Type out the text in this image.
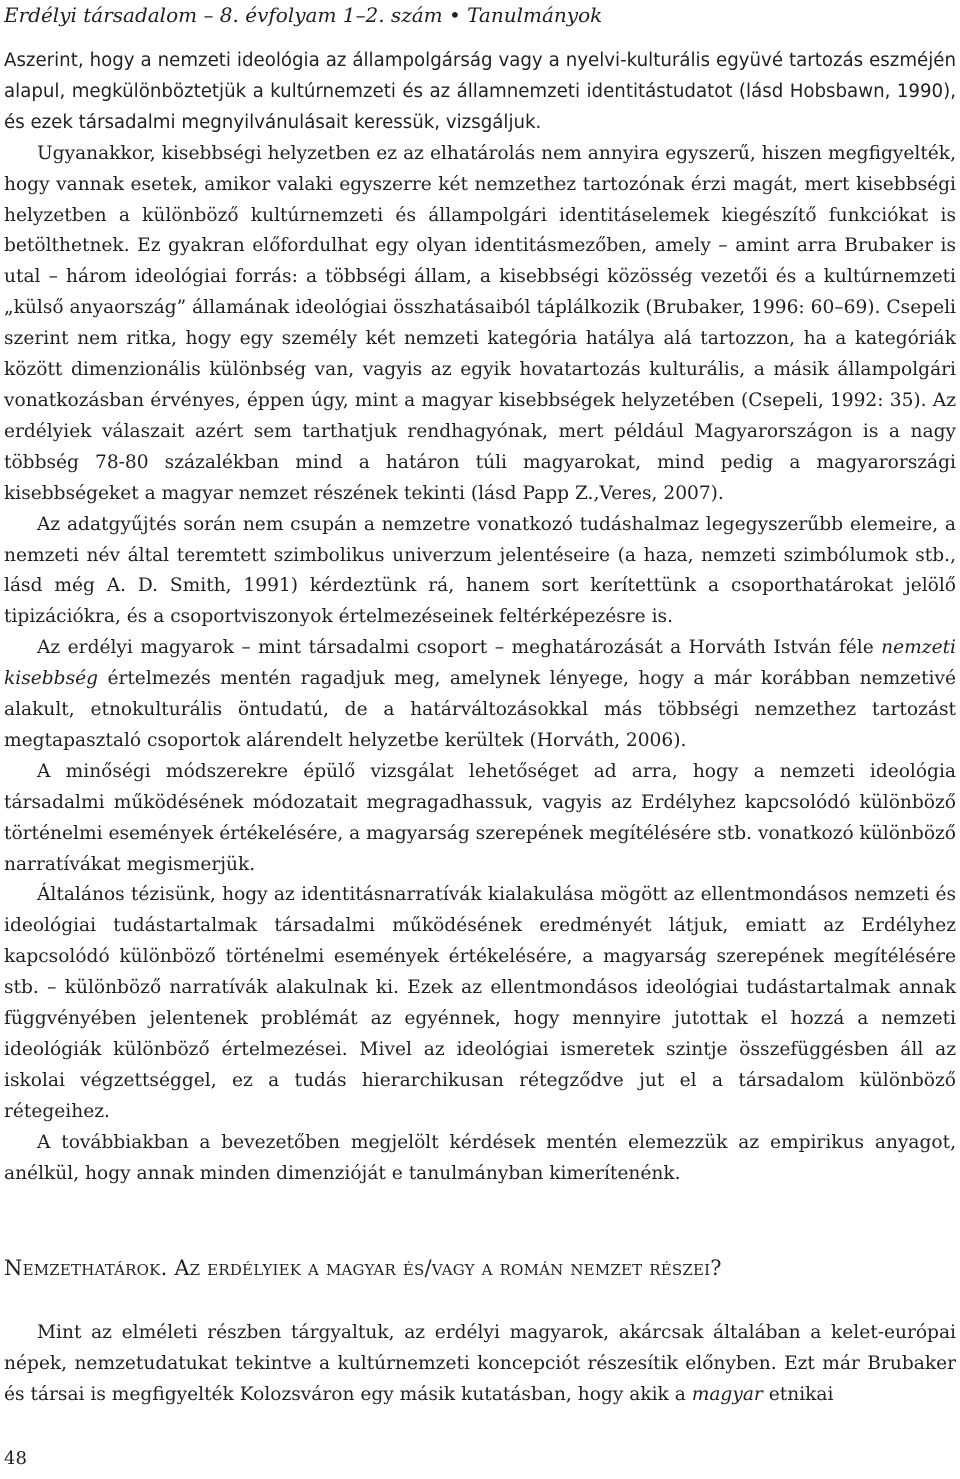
Erdélyi társadalom – 8. évfolyam 1–2. szám • Tanulmányok

Aszerint, hogy a nemzeti ideológia az állampolgárság vagy a nyelvi-kulturális együvé tartozás eszméjén alapul, megkülönböztetjük a kultúrnemzeti és az államnemzeti identitástudatot (lásd Hobsbawn, 1990), és ezek társadalmi megnyilvánulásait keressük, vizsgáljuk.

Ugyanakkor, kisebbségi helyzetben ez az elhatárolás nem annyira egyszerű, hiszen megfigyelték, hogy vannak esetek, amikor valaki egyszerre két nemzethez tartozónak érzi magát, mert kisebbségi helyzetben a különböző kultúrnemzeti és állampolgári identitáselemek kiegészítő funkciókat is betölthetnek. Ez gyakran előfordulhat egy olyan identitásmezőben, amely – amint arra Brubaker is utal – három ideológiai forrás: a többségi állam, a kisebbségi közösség vezetői és a kultúrnemzeti „külső anyaország” államának ideológiai összhatásaiból táplálkozik (Brubaker, 1996: 60–69). Csepeli szerint nem ritka, hogy egy személy két nemzeti kategória hatálya alá tartozzon, ha a kategóriák között dimenzionális különbség van, vagyis az egyik hovatartozás kulturális, a másik állampolgári vonatkozásban érvényes, éppen úgy, mint a magyar kisebbségek helyzetében (Csepeli, 1992: 35). Az erdélyiek válaszait azért sem tarthatjuk rendhagyónak, mert például Magyarországon is a nagy többség 78-80 százalékban mind a határon túli magyarokat, mind pedig a magyarországi kisebbségeket a magyar nemzet részének tekinti (lásd Papp Z.,Veres, 2007).

Az adatgyűjtés során nem csupán a nemzetre vonatkozó tudáshalmaz legegyszerűbb elemeire, a nemzeti név által teremtett szimbolikus univerzum jelentéseire (a haza, nemzeti szimbólumok stb., lásd még A. D. Smith, 1991) kérdeztünk rá, hanem sort kerítettünk a csoporthatárokat jelölő tipizációkra, és a csoportviszonyok értelmezéseinek feltérképezésre is.

Az erdélyi magyarok – mint társadalmi csoport – meghatározását a Horváth István féle nemzeti kisebbség értelmezés mentén ragadjuk meg, amelynek lényege, hogy a már korábban nemzetivé alakult, etnokulturális öntudatú, de a határváltozásokkal más többségi nemzethez tartozást megtapasztaló csoportok alárendelt helyzetbe kerültek (Horváth, 2006).

A minőségi módszerekre épülő vizsgálat lehetőséget ad arra, hogy a nemzeti ideológia társadalmi működésének módozatait megragadhassuk, vagyis az Erdélyhez kapcsolódó különböző történelmi események értékelésére, a magyarság szerepének megítélésére stb. vonatkozó különböző narratívákat megismerjük.

Általános tézisünk, hogy az identitásnarratívák kialakulása mögött az ellentmondásos nemzeti és ideológiai tudástartalmak társadalmi működésének eredményét látjuk, emiatt az Erdélyhez kapcsolódó különböző történelmi események értékelésére, a magyarság szerepének megítélésére stb. – különböző narratívák alakulnak ki. Ezek az ellentmondásos ideológiai tudástartalmak annak függvényében jelentenek problémát az egyénnek, hogy mennyire jutottak el hozzá a nemzeti ideológiák különböző értelmezései. Mivel az ideológiai ismeretek szintje összefüggésben áll az iskolai végzettséggel, ez a tudás hierarchikusan rétegződve jut el a társadalom különböző rétegeihez.

A továbbiakban a bevezetőben megjelölt kérdések mentén elemezzük az empirikus anyagot, anélkül, hogy annak minden dimenzióját e tanulmányban kimerítenénk.

Nemzethatárok. Az erdélyiek a magyar és/vagy a román nemzet részei?

Mint az elméleti részben tárgyaltuk, az erdélyi magyarok, akárcsak általában a kelet-európai népek, nemzetudatukat tekintve a kultúrnemzeti koncepciót részesítik előnyben. Ezt már Brubaker és társai is megfigyelték Kolozsváron egy másik kutatásban, hogy akik a magyar etnikai

48
